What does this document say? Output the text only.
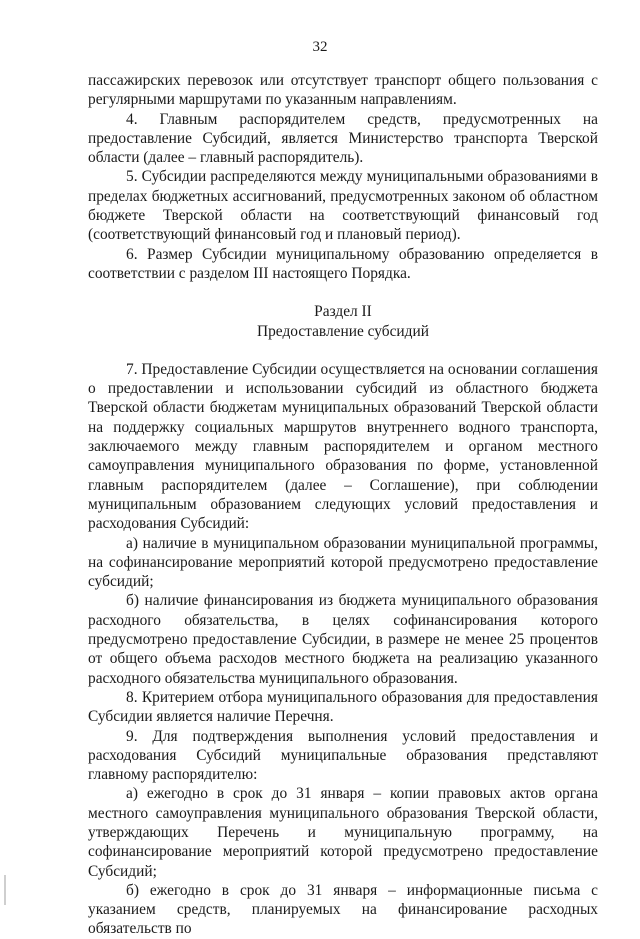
32

пассажирских перевозок или отсутствует транспорт общего пользования с регулярными маршрутами по указанным направлениям.

4. Главным распорядителем средств, предусмотренных на предоставление Субсидий, является Министерство транспорта Тверской области (далее – главный распорядитель).

5. Субсидии распределяются между муниципальными образованиями в пределах бюджетных ассигнований, предусмотренных законом об областном бюджете Тверской области на соответствующий финансовый год (соответствующий финансовый год и плановый период).

6. Размер Субсидии муниципальному образованию определяется в соответствии с разделом III настоящего Порядка.

Раздел II

Предоставление субсидий

7. Предоставление Субсидии осуществляется на основании соглашения о предоставлении и использовании субсидий из областного бюджета Тверской области бюджетам муниципальных образований Тверской области на поддержку социальных маршрутов внутреннего водного транспорта, заключаемого между главным распорядителем и органом местного самоуправления муниципального образования по форме, установленной главным распорядителем (далее – Соглашение), при соблюдении муниципальным образованием следующих условий предоставления и расходования Субсидий:

а) наличие в муниципальном образовании муниципальной программы, на софинансирование мероприятий которой предусмотрено предоставление субсидий;

б) наличие финансирования из бюджета муниципального образования расходного обязательства, в целях софинансирования которого предусмотрено предоставление Субсидии, в размере не менее 25 процентов от общего объема расходов местного бюджета на реализацию указанного расходного обязательства муниципального образования.

8. Критерием отбора муниципального образования для предоставления Субсидии является наличие Перечня.

9. Для подтверждения выполнения условий предоставления и расходования Субсидий муниципальные образования представляют главному распорядителю:

а) ежегодно в срок до 31 января – копии правовых актов органа местного самоуправления муниципального образования Тверской области, утверждающих Перечень и муниципальную программу, на софинансирование мероприятий которой предусмотрено предоставление Субсидий;

б) ежегодно в срок до 31 января – информационные письма с указанием средств, планируемых на финансирование расходных обязательств по
